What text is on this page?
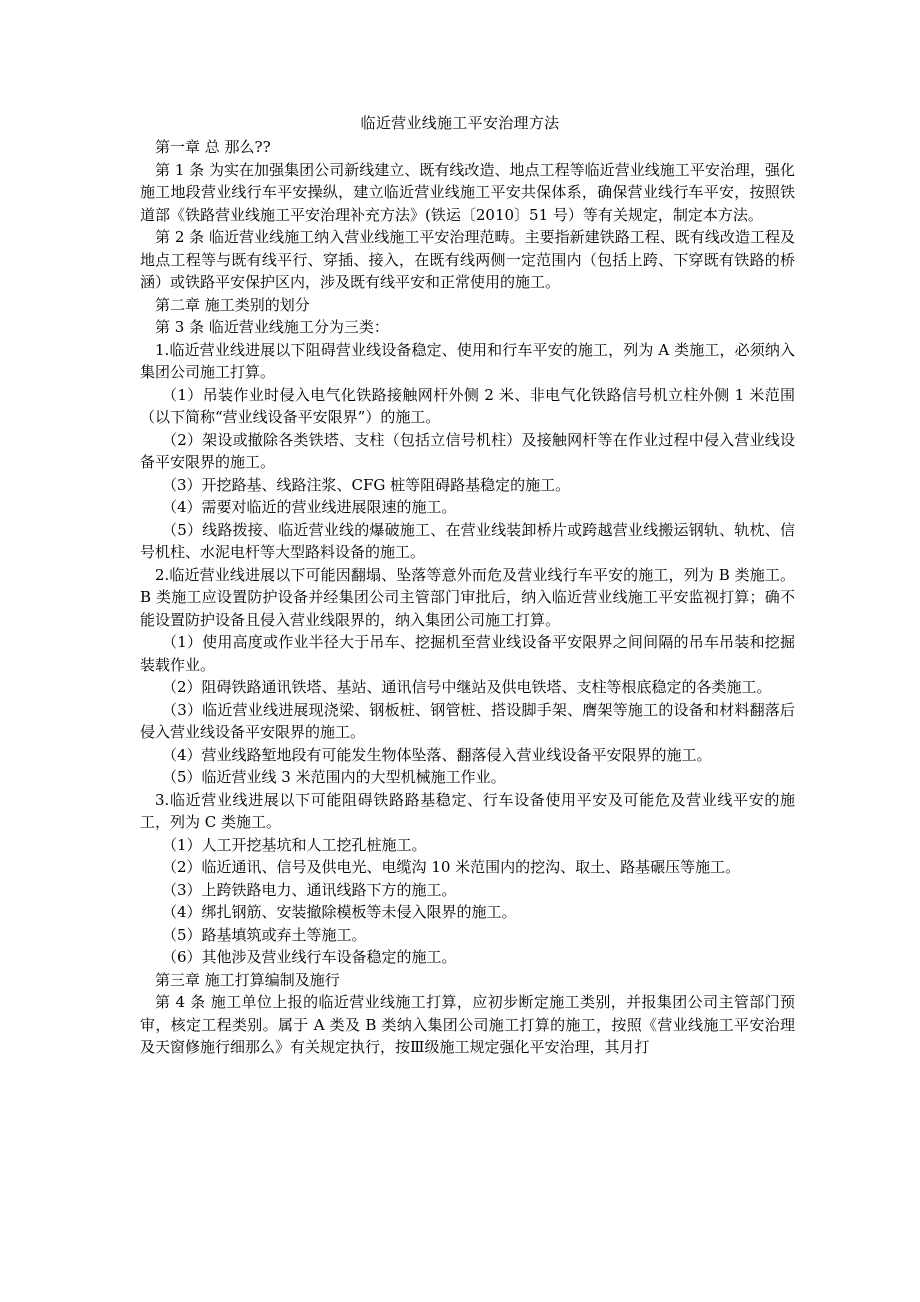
临近营业线施工平安治理方法

第一章 总 那么??

第 1 条 为实在加强集团公司新线建立、既有线改造、地点工程等临近营业线施工平安治理，强化施工地段营业线行车平安操纵，建立临近营业线施工平安共保体系，确保营业线行车平安，按照铁道部《铁路营业线施工平安治理补充方法》(铁运〔2010〕51 号）等有关规定，制定本方法。

第 2 条 临近营业线施工纳入营业线施工平安治理范畴。主要指新建铁路工程、既有线改造工程及地点工程等与既有线平行、穿插、接入，在既有线两侧一定范围内（包括上跨、下穿既有铁路的桥涵）或铁路平安保护区内，涉及既有线平安和正常使用的施工。

第二章 施工类别的划分

第 3 条 临近营业线施工分为三类：

1.临近营业线进展以下阻碍营业线设备稳定、使用和行车平安的施工，列为 A 类施工，必须纳入集团公司施工打算。

（1）吊装作业时侵入电气化铁路接触网杆外侧 2 米、非电气化铁路信号机立柱外侧 1 米范围（以下简称“营业线设备平安限界”）的施工。

（2）架设或撤除各类铁塔、支柱（包括立信号机柱）及接触网杆等在作业过程中侵入营业线设备平安限界的施工。

（3）开挖路基、线路注浆、CFG 桩等阻碍路基稳定的施工。

（4）需要对临近的营业线进展限速的施工。

（5）线路拨接、临近营业线的爆破施工、在营业线装卸桥片或跨越营业线搬运钢轨、轨枕、信号机柱、水泥电杆等大型路料设备的施工。

2.临近营业线进展以下可能因翻塌、坠落等意外而危及营业线行车平安的施工，列为 B 类施工。B 类施工应设置防护设备并经集团公司主管部门审批后，纳入临近营业线施工平安监视打算；确不能设置防护设备且侵入营业线限界的，纳入集团公司施工打算。

（1）使用高度或作业半径大于吊车、挖掘机至营业线设备平安限界之间间隔的吊车吊装和挖掘装载作业。

（2）阻碍铁路通讯铁塔、基站、通讯信号中继站及供电铁塔、支柱等根底稳定的各类施工。

（3）临近营业线进展现浇梁、钢板桩、钢管桩、搭设脚手架、膺架等施工的设备和材料翻落后侵入营业线设备平安限界的施工。

（4）营业线路堑地段有可能发生物体坠落、翻落侵入营业线设备平安限界的施工。

（5）临近营业线 3 米范围内的大型机械施工作业。

3.临近营业线进展以下可能阻碍铁路路基稳定、行车设备使用平安及可能危及营业线平安的施工，列为 C 类施工。

（1）人工开挖基坑和人工挖孔桩施工。

（2）临近通讯、信号及供电光、电缆沟 10 米范围内的挖沟、取土、路基碾压等施工。

（3）上跨铁路电力、通讯线路下方的施工。

（4）绑扎钢筋、安装撤除模板等未侵入限界的施工。

（5）路基填筑或弃土等施工。

（6）其他涉及营业线行车设备稳定的施工。

第三章 施工打算编制及施行

第 4 条 施工单位上报的临近营业线施工打算，应初步断定施工类别，并报集团公司主管部门预审，核定工程类别。属于 A 类及 B 类纳入集团公司施工打算的施工，按照《营业线施工平安治理及天窗修施行细那么》有关规定执行，按Ⅲ级施工规定强化平安治理，其月打
